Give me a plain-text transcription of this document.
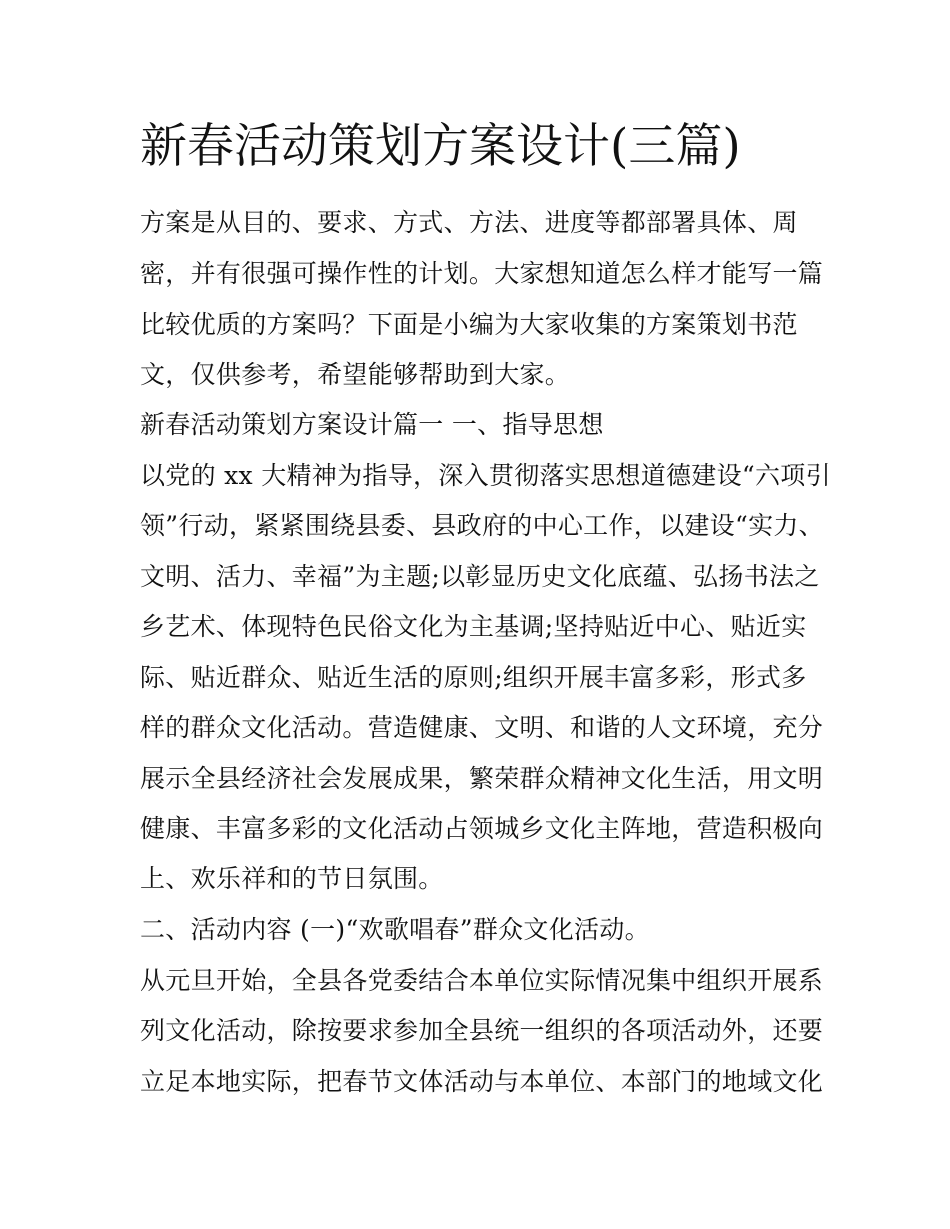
新春活动策划方案设计(三篇)
方案是从目的、要求、方式、方法、进度等都部署具体、周
密，并有很强可操作性的计划。大家想知道怎么样才能写一篇
比较优质的方案吗？下面是小编为大家收集的方案策划书范
文，仅供参考，希望能够帮助到大家。
新春活动策划方案设计篇一 一、指导思想
以党的 xx 大精神为指导，深入贯彻落实思想道德建设“六项引
领”行动，紧紧围绕县委、县政府的中心工作，以建设“实力、
文明、活力、幸福”为主题;以彰显历史文化底蕴、弘扬书法之
乡艺术、体现特色民俗文化为主基调;坚持贴近中心、贴近实
际、贴近群众、贴近生活的原则;组织开展丰富多彩，形式多
样的群众文化活动。营造健康、文明、和谐的人文环境，充分
展示全县经济社会发展成果，繁荣群众精神文化生活，用文明
健康、丰富多彩的文化活动占领城乡文化主阵地，营造积极向
上、欢乐祥和的节日氛围。
二、活动内容 (一)“欢歌唱春”群众文化活动。
从元旦开始，全县各党委结合本单位实际情况集中组织开展系
列文化活动，除按要求参加全县统一组织的各项活动外，还要
立足本地实际，把春节文体活动与本单位、本部门的地域文化
